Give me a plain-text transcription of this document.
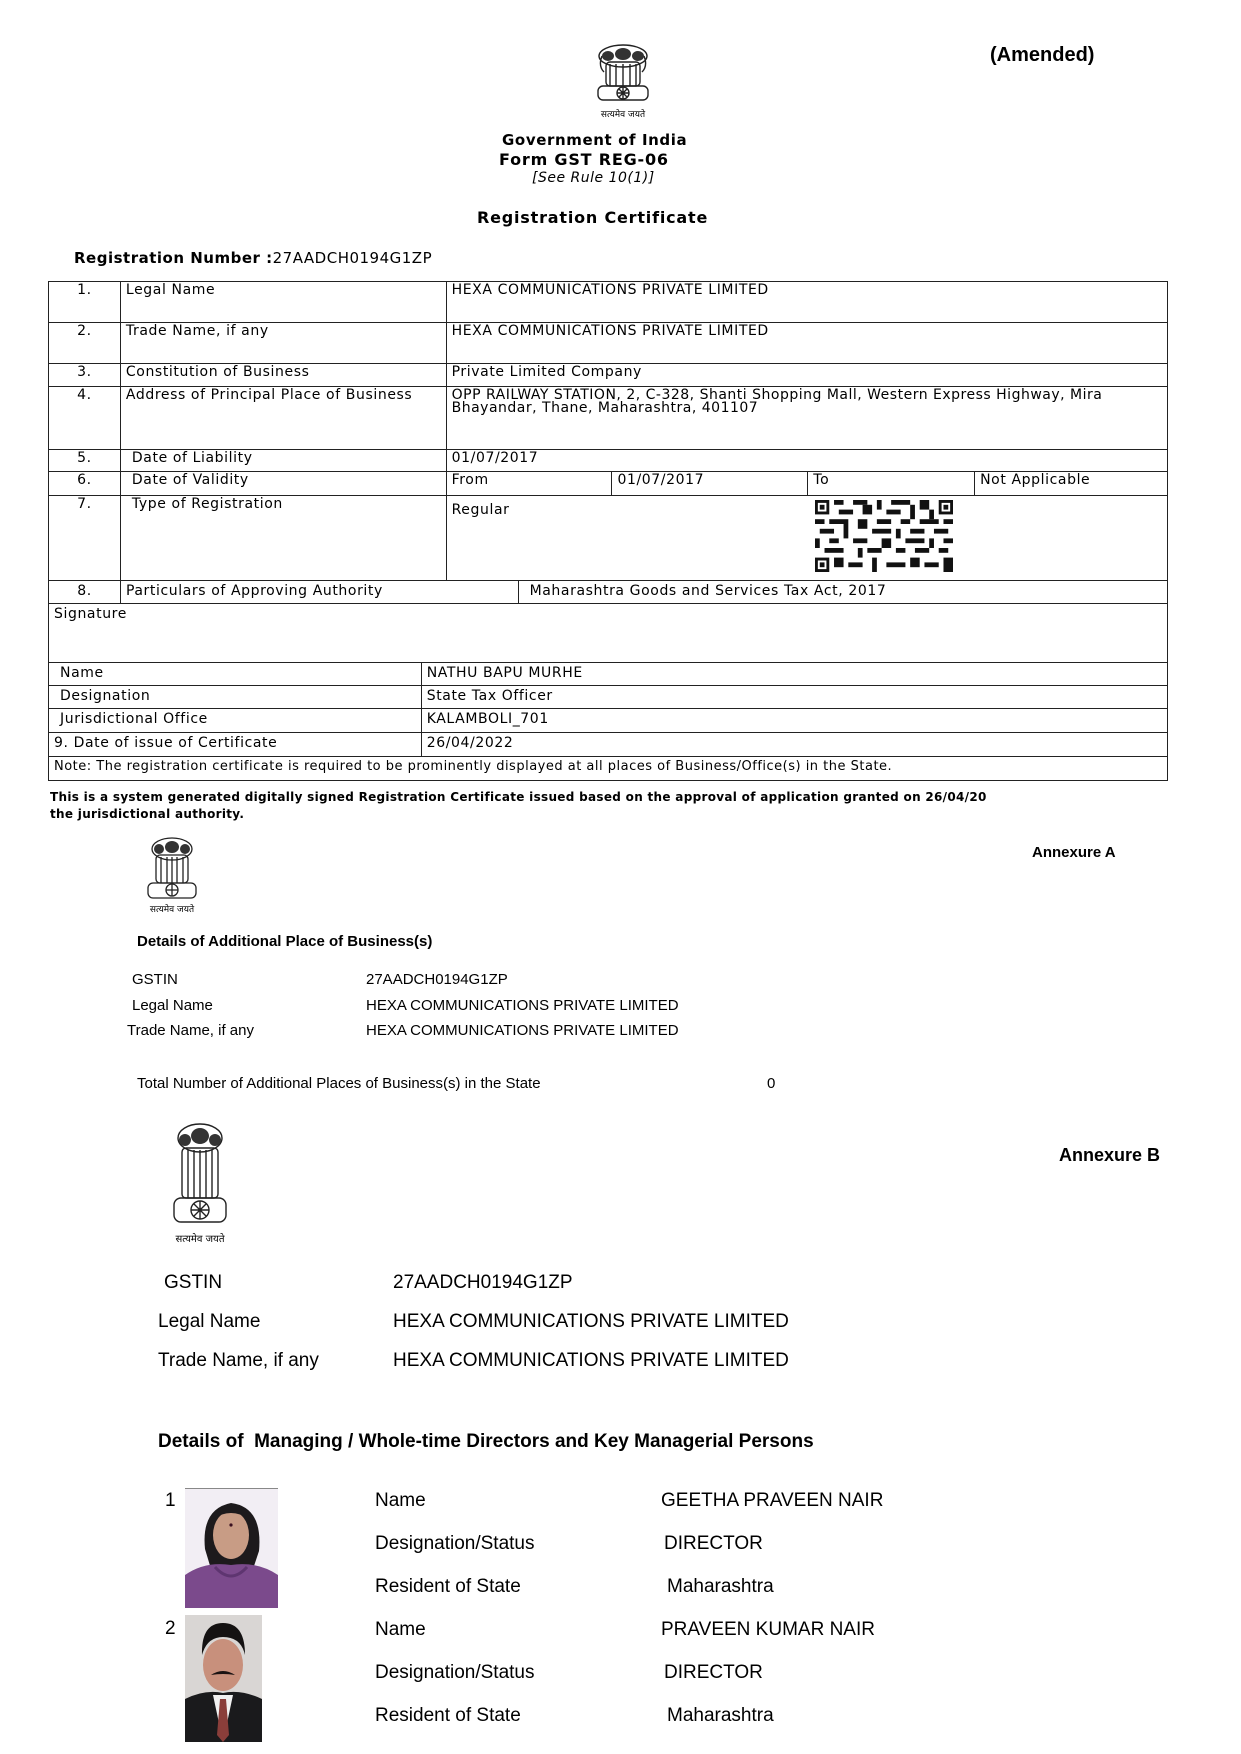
सत्यमेव जयते
(Amended)
Government of India
Form GST REG-06
[See Rule 10(1)]
Registration Certificate
Registration Number :27AADCH0194G1ZP
1.	Legal Name	HEXA COMMUNICATIONS PRIVATE LIMITED			
2.	Trade Name, if any	HEXA COMMUNICATIONS PRIVATE LIMITED			
3.	Constitution of Business	Private Limited Company			
4.	Address of Principal Place of Business	OPP RAILWAY STATION, 2, C-328, Shanti Shopping Mall, Western Express Highway, Mira Bhayandar, Thane, Maharashtra, 401107			
5.	Date of Liability	01/07/2017			
6.	Date of Validity	From	01/07/2017	To	Not Applicable
7.	Type of Registration	Regular			
8.	Particulars of Approving Authority	Maharashtra Goods and Services Tax Act, 2017
Signature	
Name	NATHU BAPU MURHE
Designation	State Tax Officer
Jurisdictional Office	KALAMBOLI_701
9. Date of issue of Certificate	26/04/2022
Note: The registration certificate is required to be prominently displayed at all places of Business/Office(s) in the State.	
This is a system generated digitally signed Registration Certificate issued based on the approval of application granted on 26/04/20
the jurisdictional authority.
सत्यमेव जयते
Annexure A
Details of Additional Place of Business(s)
GSTIN	27AADCH0194G1ZP
Legal Name	HEXA COMMUNICATIONS PRIVATE LIMITED
Trade Name, if any	HEXA COMMUNICATIONS PRIVATE LIMITED
Total Number of Additional Places of Business(s) in the State	0
सत्यमेव जयते
Annexure B
GSTIN	27AADCH0194G1ZP
Legal Name	HEXA COMMUNICATIONS PRIVATE LIMITED
Trade Name, if any	HEXA COMMUNICATIONS PRIVATE LIMITED
Details of  Managing / Whole-time Directors and Key Managerial Persons
1	Name	GEETHA PRAVEEN NAIR
Designation/Status	DIRECTOR
Resident of State	Maharashtra
2	Name	PRAVEEN KUMAR NAIR
Designation/Status	DIRECTOR
Resident of State	Maharashtra
